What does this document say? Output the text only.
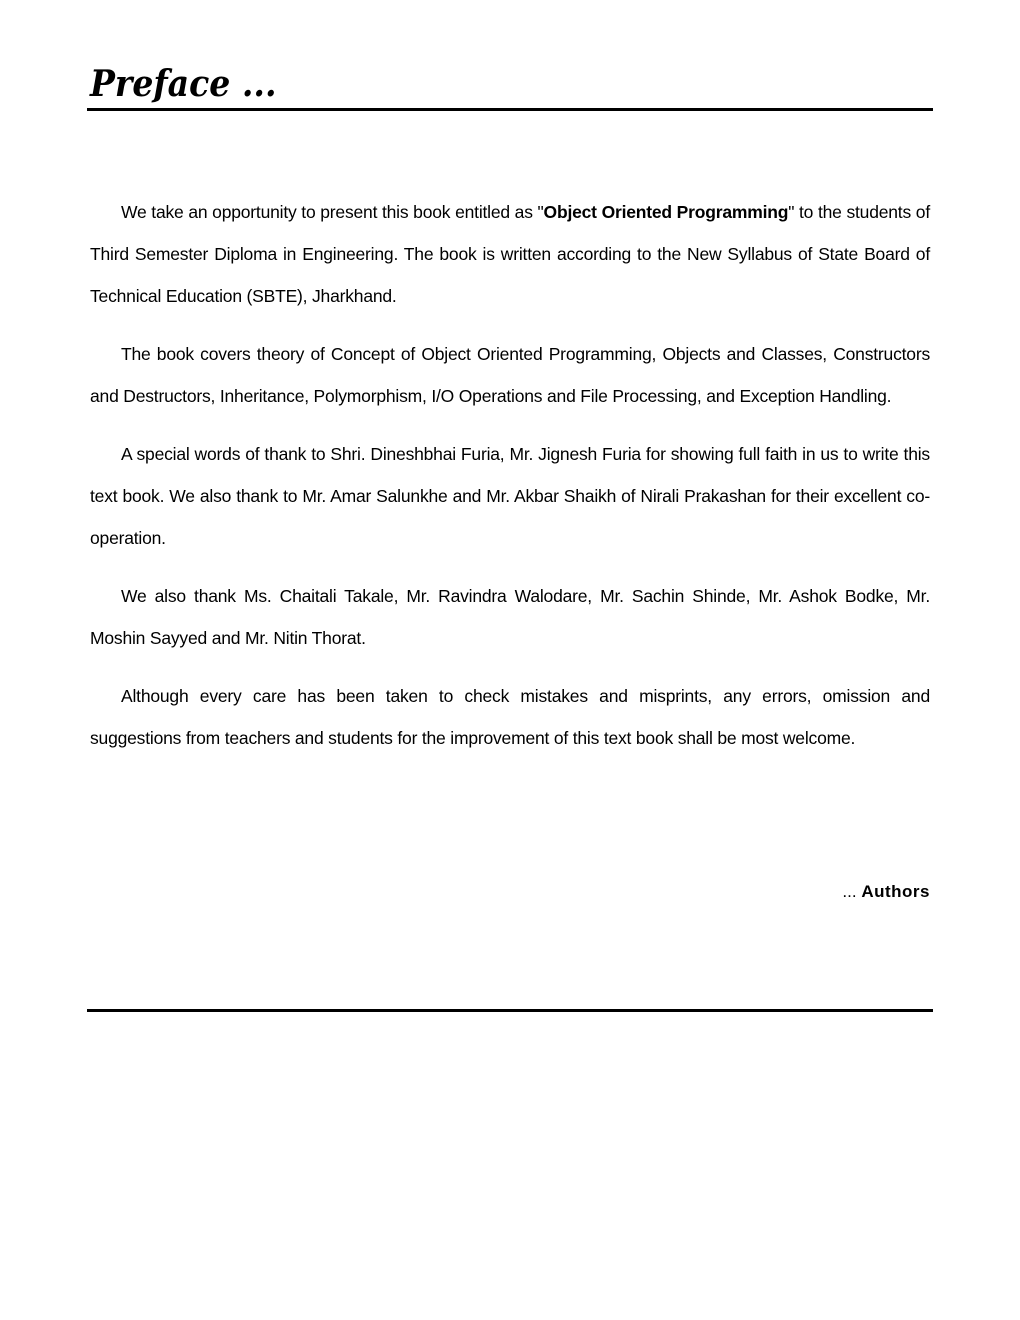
Preface ...

We take an opportunity to present this book entitled as "Object Oriented Programming" to the students of Third Semester Diploma in Engineering. The book is written according to the New Syllabus of State Board of Technical Education (SBTE), Jharkhand.

The book covers theory of Concept of Object Oriented Programming, Objects and Classes, Constructors and Destructors, Inheritance, Polymorphism, I/O Operations and File Processing, and Exception Handling.

A special words of thank to Shri. Dineshbhai Furia, Mr. Jignesh Furia for showing full faith in us to write this text book. We also thank to Mr. Amar Salunkhe and Mr. Akbar Shaikh of Nirali Prakashan for their excellent co-operation.

We also thank Ms. Chaitali Takale, Mr. Ravindra Walodare, Mr. Sachin Shinde, Mr. Ashok Bodke, Mr. Moshin Sayyed and Mr. Nitin Thorat.

Although every care has been taken to check mistakes and misprints, any errors, omission and suggestions from teachers and students for the improvement of this text book shall be most welcome.

... Authors
